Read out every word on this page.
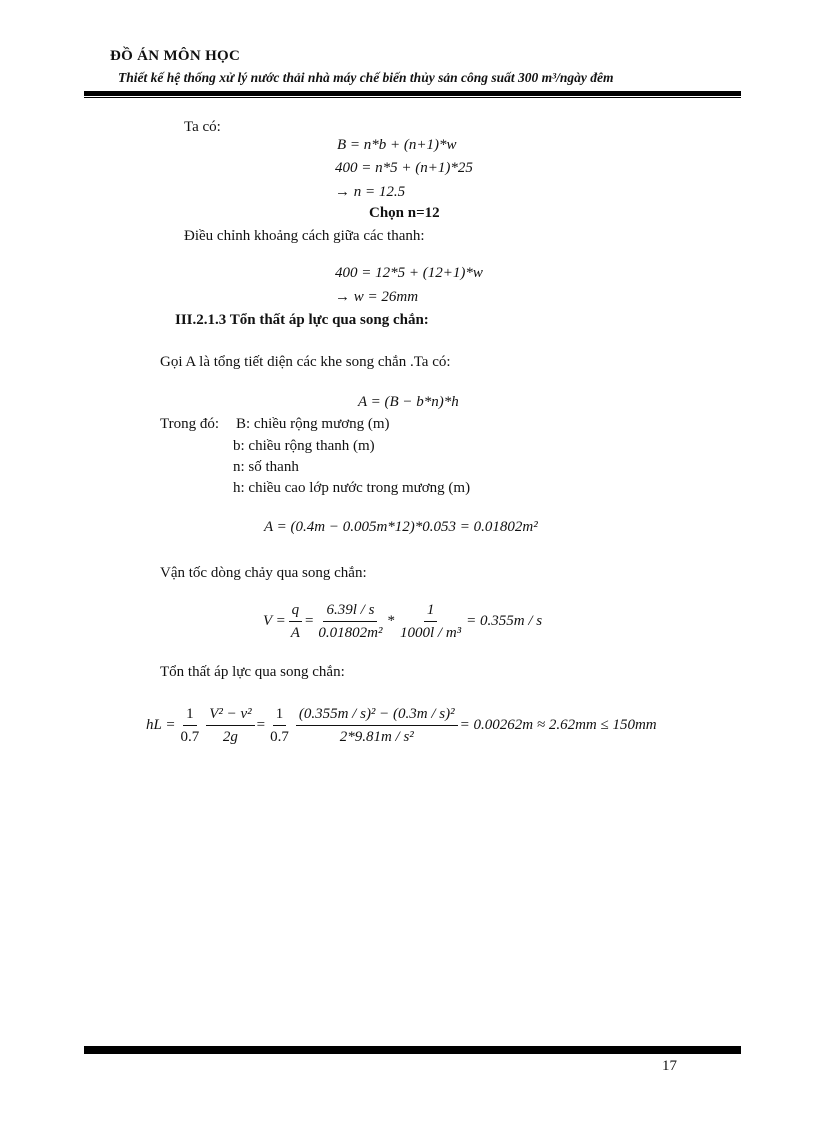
ĐỒ ÁN MÔN HỌC
Thiết kế hệ thống xử lý nước thải nhà máy chế biến thủy sản công suất 300 m³/ngày đêm
Ta có:
B = n*b + (n+1)*w
400 = n*5 + (n+1)*25
→ n = 12.5
Chọn n=12
Điều chỉnh khoảng cách giữa các thanh:
400 = 12*5 + (12+1)*w
→ w = 26mm
III.2.1.3 Tổn thất áp lực qua song chắn:
Gọi A là tổng tiết diện các khe song chắn .Ta có:
A = (B − b*n)*h
Trong đó: B: chiều rộng mương (m)
b: chiều rộng thanh (m)
n: số thanh
h: chiều cao lớp nước trong mương (m)
A = (0.4m − 0.005m*12)*0.053 = 0.01802m²
Vận tốc dòng chảy qua song chắn:
$V = \frac{q}{A} = \frac{6.39l / s}{\text{0.01802m²}} * \frac{1}{\text{1000l / m³}} = 0.355m / s$
Tổn thất áp lực qua song chắn:
hL = $\frac{1}{0.7} \frac{\text{V² − v²}}{2g} = \frac{1}{0.7} \frac{\text{(0.355m / s)² − (0.3m / s)²}}{\text{2*9.81m / s²}} = 0.00262m \approx 2.62mm \le 150mm$
17
